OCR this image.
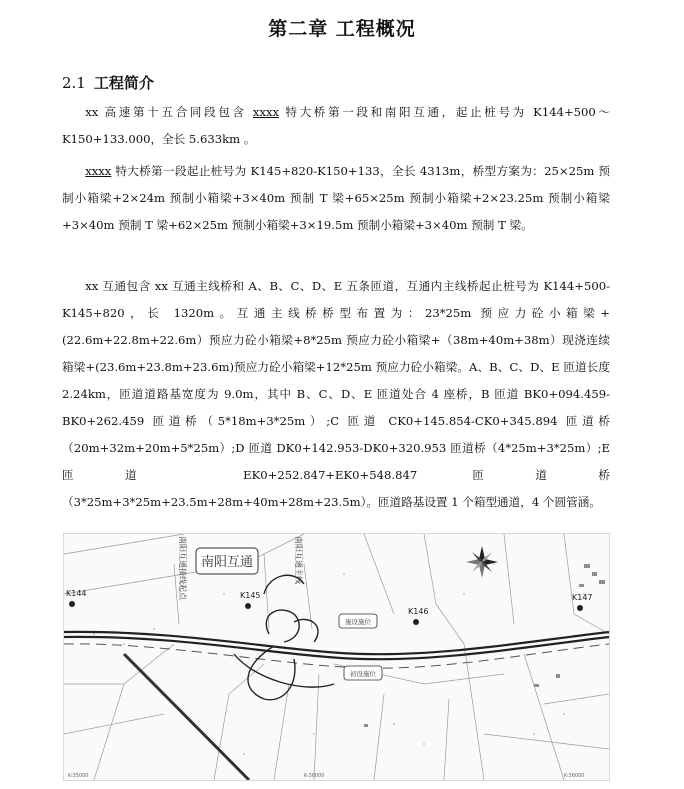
第二章 工程概况
2.1 工程简介
xx 高速第十五合同段包含 xxxx 特大桥第一段和南阳互通，起止桩号为 K144+500～K150+133.000，全长 5.633km 。
xxxx 特大桥第一段起止桩号为 K145+820-K150+133，全长 4313m，桥型方案为：25×25m 预制小箱梁+2×24m 预制小箱梁+3×40m 预制 T 梁+65×25m 预制小箱梁+2×23.25m 预制小箱梁+3×40m 预制 T 梁+62×25m 预制小箱梁+3×19.5m 预制小箱梁+3×40m 预制 T 梁。
xx 互通包含 xx 互通主线桥和 A、B、C、D、E 五条匝道，互通内主线桥起止桩号为 K144+500-K145+820，长 1320m。互通主线桥桥型布置为：23*25m 预应力砼小箱梁+(22.6m+22.8m+22.6m）预应力砼小箱梁+8*25m 预应力砼小箱梁+（38m+40m+38m）现浇连续箱梁+(23.6m+23.8m+23.6m)预应力砼小箱梁+12*25m 预应力砼小箱梁。A、B、C、D、E 匝道长度 2.24km，匝道道路基宽度为 9.0m，其中 B、C、D、E 匝道处合 4 座桥，B 匝道 BK0+094.459-BK0+262.459 匝道桥（5*18m+3*25m）;C 匝道 CK0+145.854-CK0+345.894 匝道桥（20m+32m+20m+5*25m）;D 匝道 DK0+142.953-DK0+320.953 匝道桥（4*25m+3*25m）;E 匝道 EK0+252.847+EK0+548.847 匝道桥（3*25m+3*25m+23.5m+28m+40m+28m+23.5m）。匝道路基设置 1 个箱型通道，4 个圆管涵。
南阳互通
南阳互通接线起点	南阳互通主线
K144	K145
K146
K147
施设施位
初设施位
K-35000	K-36000	K-36000
